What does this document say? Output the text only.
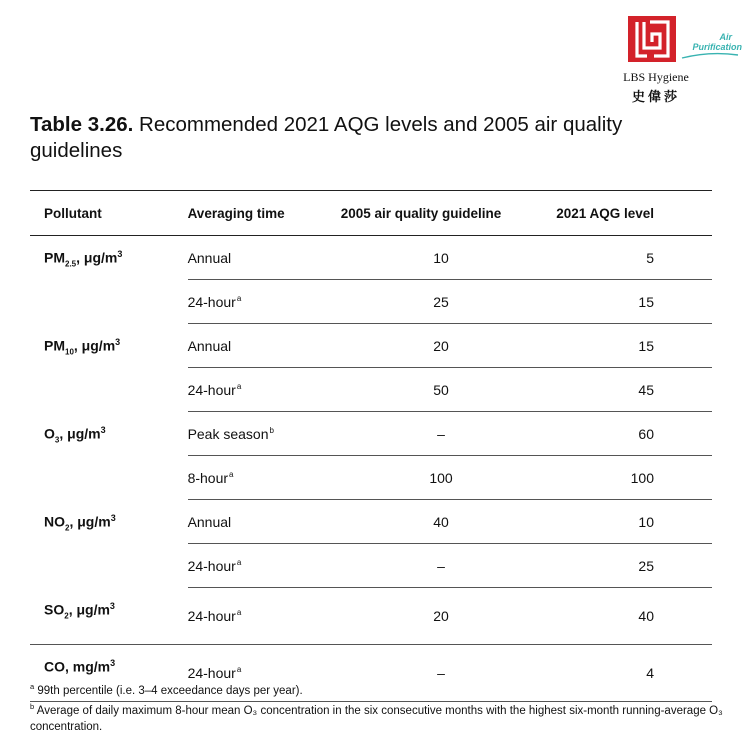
Air
Purification
LBS Hygiene
史偉莎
Table 3.26. Recommended 2021 AQG levels and 2005 air quality guidelines
Pollutant	Averaging time	2005 air quality guideline	2021 AQG level
$PM_{2.5}$, $\mu g/m^3$	Annual	10	5
	24-hour$^a$	25	15
$PM_{10}$, $\mu g/m^3$	Annual	20	15
	24-hour$^a$	50	45
$O_3$, $\mu g/m^3$	Peak season$^b$	–	60
	8-hour$^a$	100	100
$NO_2$, $\mu g/m^3$	Annual	40	10
	24-hour$^a$	–	25
$SO_2$, $\mu g/m^3$	24-hour$^a$	20	40
CO, $mg/m^3$	24-hour$^a$	–	4

$^a$ 99th percentile (i.e. 3–4 exceedance days per year).

$^b$ Average of daily maximum 8-hour mean O₃ concentration in the six consecutive months with the highest six-month running-average O₃ concentration.
